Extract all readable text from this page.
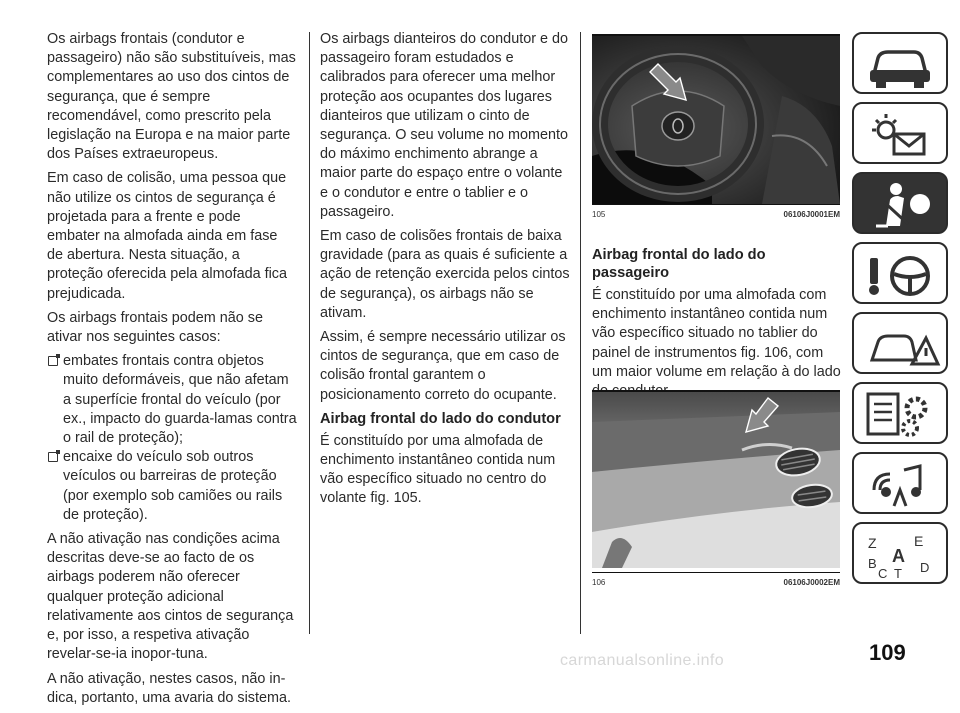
Os airbags frontais (condutor e passageiro) não são substituíveis, mas complementares ao uso dos cintos de segurança, que é sempre recomendável, como prescrito pela legislação na Europa e na maior parte dos Países extraeuropeus.

Em caso de colisão, uma pessoa que não utilize os cintos de segurança é projetada para a frente e pode embater na almofada ainda em fase de abertura. Nesta situação, a proteção oferecida pela almofada fica prejudicada.

Os airbags frontais podem não se ativar nos seguintes casos:

embates frontais contra objetos muito deformáveis, que não afetam a superfície frontal do veículo (por ex., impacto do guarda-lamas contra o rail de proteção);

encaixe do veículo sob outros veículos ou barreiras de proteção (por exemplo sob camiões ou rails de proteção).

A não ativação nas condições acima descritas deve-se ao facto de os airbags poderem não oferecer qualquer proteção adicional relativamente aos cintos de segurança e, por isso, a respetiva ativação revelar-se-ia inopor-tuna.

A não ativação, nestes casos, não in-dica, portanto, uma avaria do sistema.

Os airbags dianteiros do condutor e do passageiro foram estudados e calibrados para oferecer uma melhor proteção aos ocupantes dos lugares dianteiros que utilizam o cinto de segurança. O seu volume no momento do máximo enchimento abrange a maior parte do espaço entre o volante e o condutor e entre o tablier e o passageiro.

Em caso de colisões frontais de baixa gravidade (para as quais é suficiente a ação de retenção exercida pelos cintos de segurança), os airbags não se ativam.

Assim, é sempre necessário utilizar os cintos de segurança, que em caso de colisão frontal garantem o posicionamento correto do ocupante.

Airbag frontal do lado do condutor

É constituído por uma almofada de enchimento instantâneo contida num vão específico situado no centro do volante fig. 105.

105	06106J0001EM
Airbag frontal do lado do passageiro

É constituído por uma almofada com enchimento instantâneo contida num vão específico situado no tablier do painel de instrumentos fig. 106, com um maior volume em relação à do lado

106	06106J0002EM
Z	E
A
B
C T D
109
carmanualsonline.info
